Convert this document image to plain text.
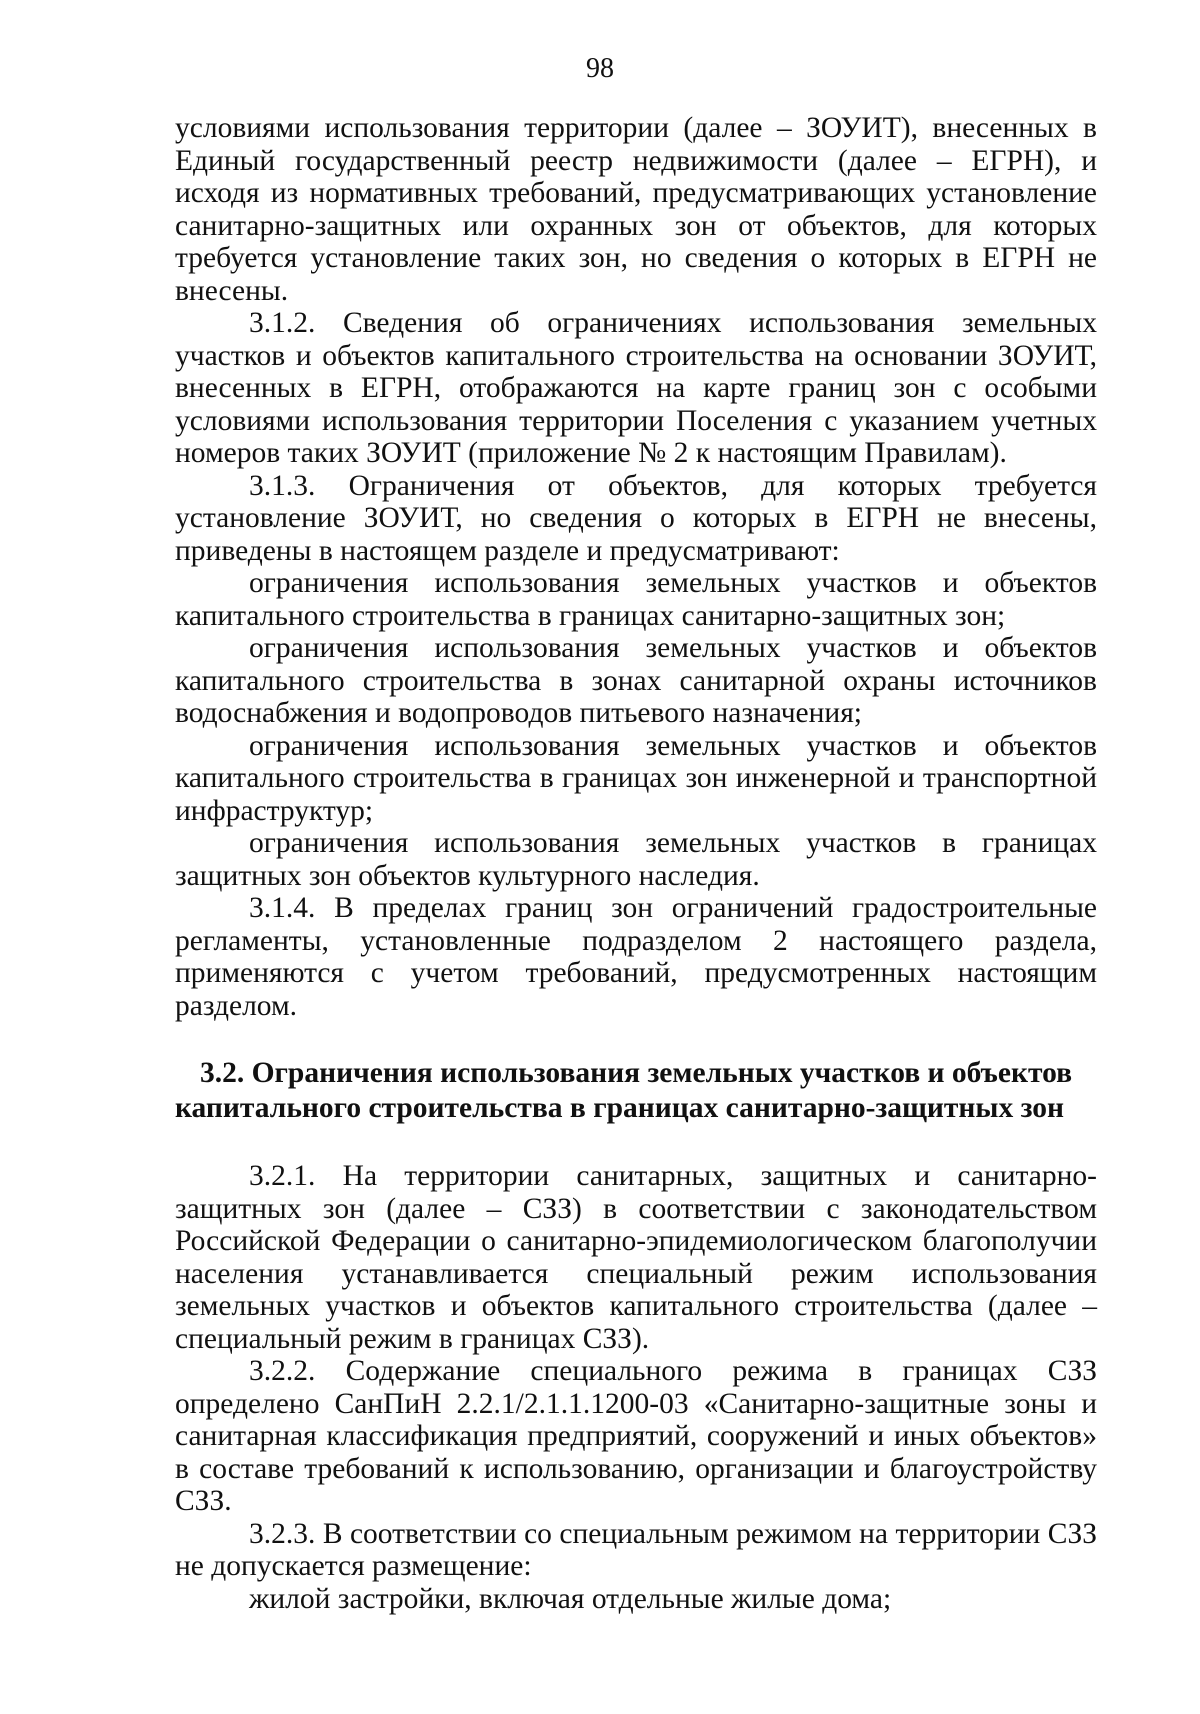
98

условиями использования территории (далее – ЗОУИТ), внесенных в Единый государственный реестр недвижимости (далее – ЕГРН), и исходя из нормативных требований, предусматривающих установление санитарно-защитных или охранных зон от объектов, для которых требуется установление таких зон, но сведения о которых в ЕГРН не внесены.

3.1.2. Сведения об ограничениях использования земельных участков и объектов капитального строительства на основании ЗОУИТ, внесенных в ЕГРН, отображаются на карте границ зон с особыми условиями использования территории Поселения с указанием учетных номеров таких ЗОУИТ (приложение № 2 к настоящим Правилам).

3.1.3. Ограничения от объектов, для которых требуется установление ЗОУИТ, но сведения о которых в ЕГРН не внесены, приведены в настоящем разделе и предусматривают:

ограничения использования земельных участков и объектов капитального строительства в границах санитарно-защитных зон;

ограничения использования земельных участков и объектов капитального строительства в зонах санитарной охраны источников водоснабжения и водопроводов питьевого назначения;

ограничения использования земельных участков и объектов капитального строительства в границах зон инженерной и транспортной инфраструктур;

ограничения использования земельных участков в границах защитных зон объектов культурного наследия.

3.1.4. В пределах границ зон ограничений градостроительные регламенты, установленные подразделом 2 настоящего раздела, применяются с учетом требований, предусмотренных настоящим разделом.

3.2. Ограничения использования земельных участков и объектов капитального строительства в границах санитарно-защитных зон

3.2.1. На территории санитарных, защитных и санитарно-защитных зон (далее – СЗЗ) в соответствии с законодательством Российской Федерации о санитарно-эпидемиологическом благополучии населения устанавливается специальный режим использования земельных участков и объектов капитального строительства (далее – специальный режим в границах СЗЗ).

3.2.2. Содержание специального режима в границах СЗЗ определено СанПиН 2.2.1/2.1.1.1200-03 «Санитарно-защитные зоны и санитарная классификация предприятий, сооружений и иных объектов» в составе требований к использованию, организации и благоустройству СЗЗ.

3.2.3. В соответствии со специальным режимом на территории СЗЗ не допускается размещение:

жилой застройки, включая отдельные жилые дома;
